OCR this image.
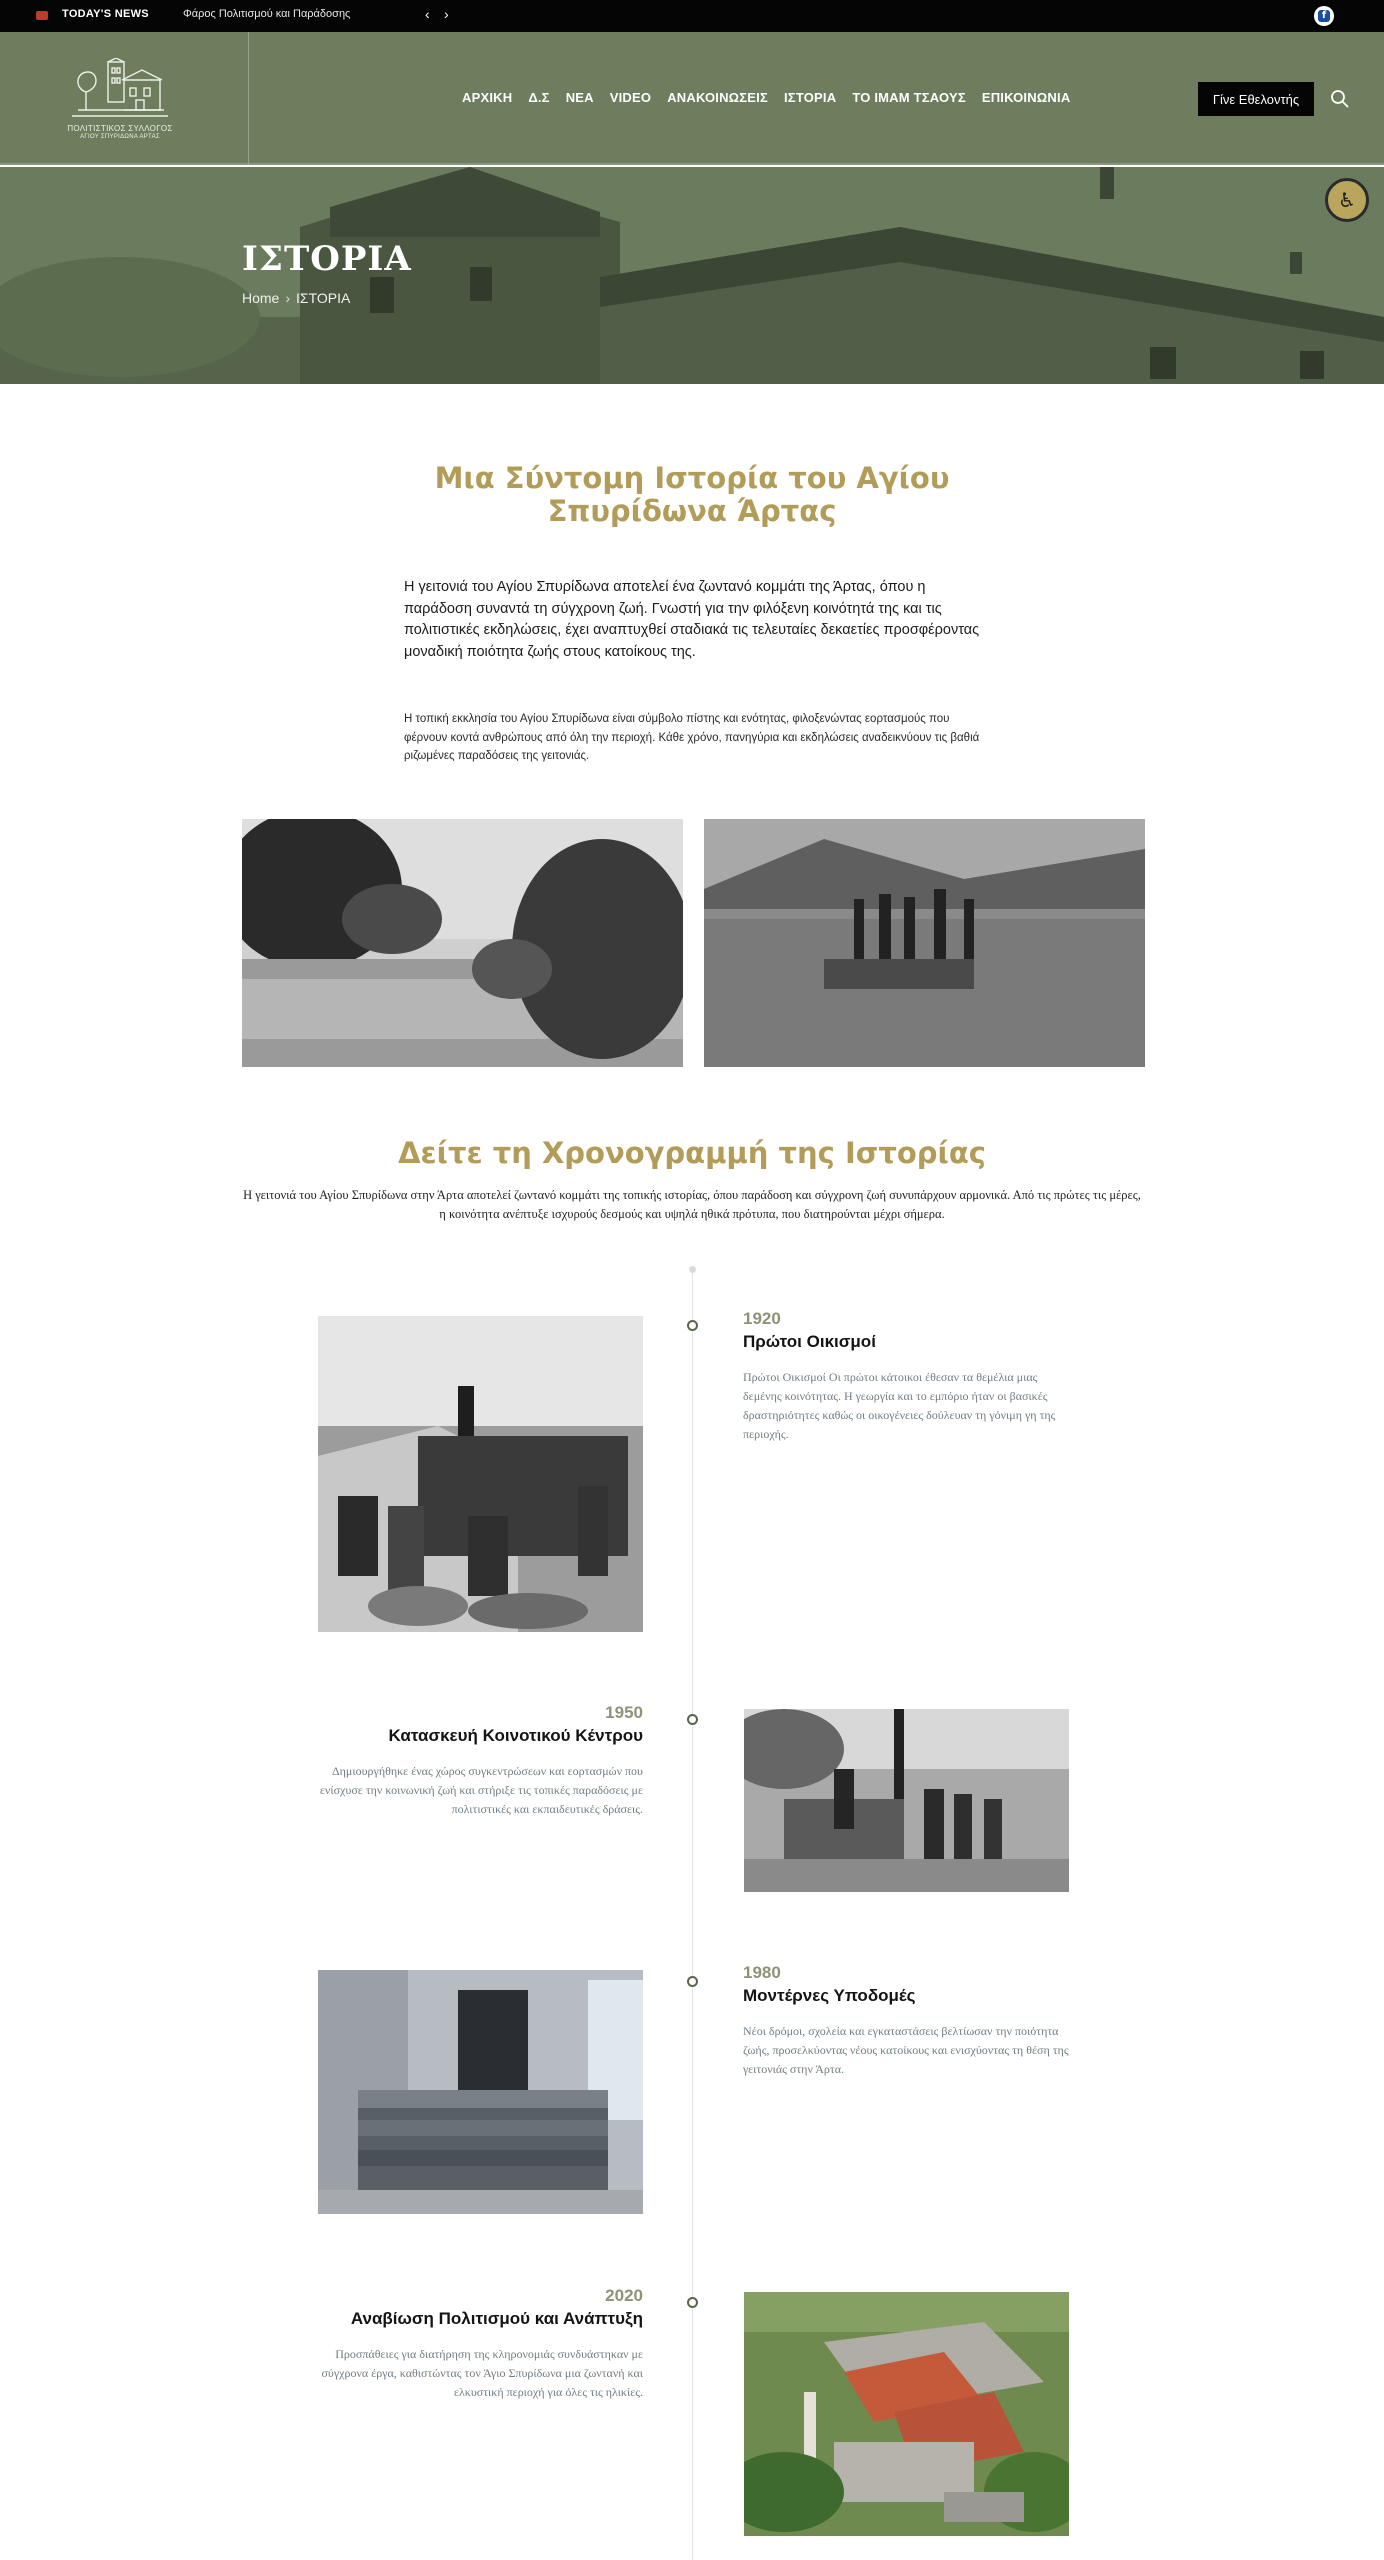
TODAY'S NEWS	Φάρος Πολιτισμού και Παράδοσης	‹ ›	f
ΠΟΛΙΤΙΣΤΙΚΟΣ ΣΥΛΛΟΓΟΣ
ΑΓΙΟΥ ΣΠΥΡΙΔΩΝΑ ΑΡΤΑΣ
ΑΡΧΙΚΗ Δ.Σ ΝΕΑ VIDEO ΑΝΑΚΟΙΝΩΣΕΙΣ ΙΣΤΟΡΙΑ ΤΟ ΙΜΑΜ ΤΣΑΟΥΣ ΕΠΙΚΟΙΝΩΝΙΑ	Γίνε Εθελοντής
ΙΣΤΟΡΙΑ
Home › ΙΣΤΟΡΙΑ
♿
Μια Σύντομη Ιστορία του Αγίου Σπυρίδωνα Άρτας

Η γειτονιά του Αγίου Σπυρίδωνα αποτελεί ένα ζωντανό κομμάτι της Άρτας, όπου η παράδοση συναντά τη σύγχρονη ζωή. Γνωστή για την φιλόξενη κοινότητά της και τις πολιτιστικές εκδηλώσεις, έχει αναπτυχθεί σταδιακά τις τελευταίες δεκαετίες προσφέροντας μοναδική ποιότητα ζωής στους κατοίκους της.

Η τοπική εκκλησία του Αγίου Σπυρίδωνα είναι σύμβολο πίστης και ενότητας, φιλοξενώντας εορτασμούς που φέρνουν κοντά ανθρώπους από όλη την περιοχή. Κάθε χρόνο, πανηγύρια και εκδηλώσεις αναδεικνύουν τις βαθιά ριζωμένες παραδόσεις της γειτονιάς.

Δείτε τη Χρονογραμμή της Ιστορίας
Η γειτονιά του Αγίου Σπυρίδωνα στην Άρτα αποτελεί ζωντανό κομμάτι της τοπικής ιστορίας, όπου παράδοση και σύγχρονη ζωή συνυπάρχουν αρμονικά. Από τις πρώτες τις μέρες, η κοινότητα ανέπτυξε ισχυρούς δεσμούς και υψηλά ηθικά πρότυπα, που διατηρούνται μέχρι σήμερα.
1920
Πρώτοι Οικισμοί
Πρώτοι Οικισμοί Οι πρώτοι κάτοικοι έθεσαν τα θεμέλια μιας δεμένης κοινότητας. Η γεωργία και το εμπόριο ήταν οι βασικές δραστηριότητες καθώς οι οικογένειες δούλευαν τη γόνιμη γη της περιοχής.
1950
Κατασκευή Κοινοτικού Κέντρου
Δημιουργήθηκε ένας χώρος συγκεντρώσεων και εορτασμών που ενίσχυσε την κοινωνική ζωή και στήριξε τις τοπικές παραδόσεις με πολιτιστικές και εκπαιδευτικές δράσεις.
1980
Μοντέρνες Υποδομές
Νέοι δρόμοι, σχολεία και εγκαταστάσεις βελτίωσαν την ποιότητα ζωής, προσελκύοντας νέους κατοίκους και ενισχύοντας τη θέση της γειτονιάς στην Άρτα.
2020
Αναβίωση Πολιτισμού και Ανάπτυξη
Προσπάθειες για διατήρηση της κληρονομιάς συνδυάστηκαν με σύγχρονα έργα, καθιστώντας τον Άγιο Σπυρίδωνα μια ζωντανή και ελκυστική περιοχή για όλες τις ηλικίες.
